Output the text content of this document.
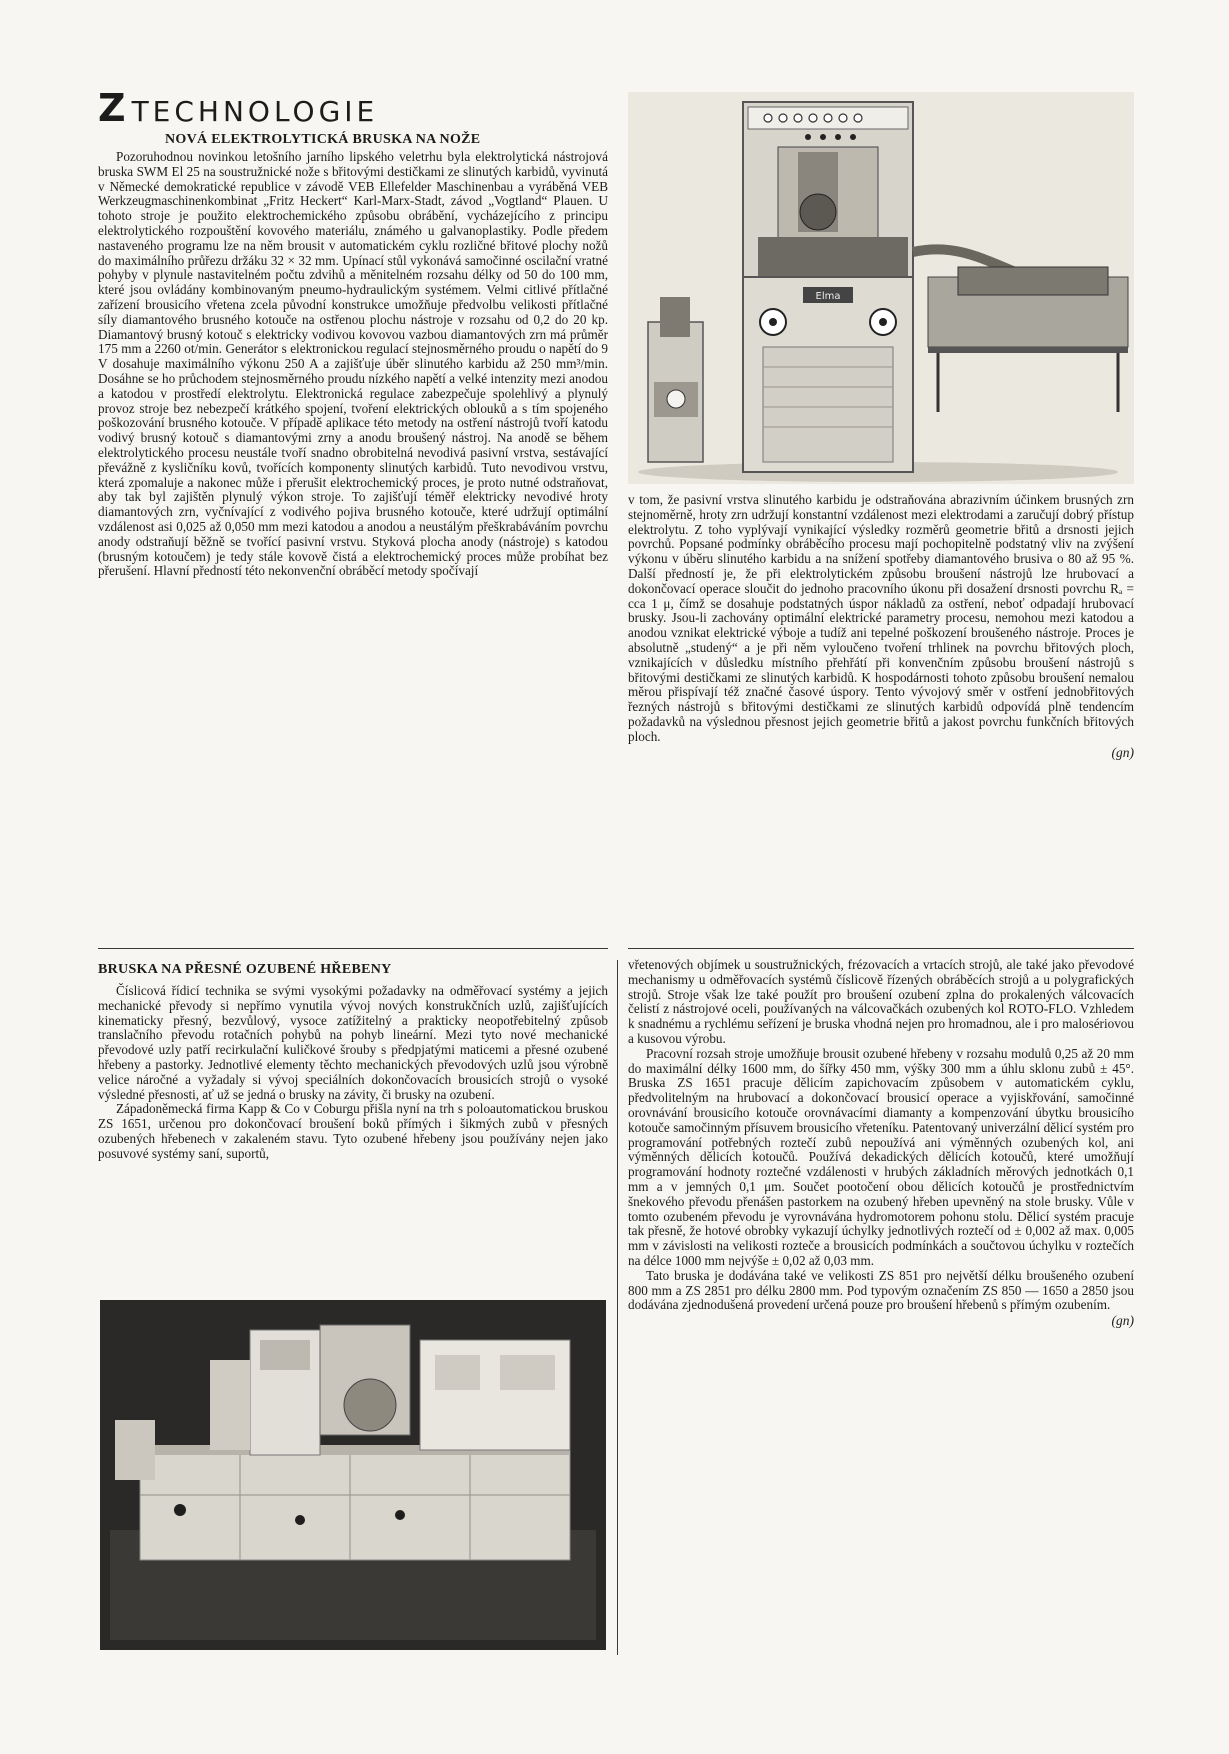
Z TECHNOLOGIE
NOVÁ ELEKTROLYTICKÁ BRUSKA NA NOŽE

Pozoruhodnou novinkou letošního jarního lipského veletrhu byla elektrolytická nástrojová bruska SWM El 25 na soustružnické nože s břitovými destičkami ze slinutých karbidů, vyvinutá v Německé demokratické republice v závodě VEB Ellefelder Maschinenbau a vyráběná VEB Werkzeugmaschinenkombinat „Fritz Heckert“ Karl-Marx-Stadt, závod „Vogtland“ Plauen. U tohoto stroje je použito elektrochemického způsobu obrábění, vycházejícího z principu elektrolytického rozpouštění kovového materiálu, známého u galvanoplastiky. Podle předem nastaveného programu lze na něm brousit v automatickém cyklu rozličné břitové plochy nožů do maximálního průřezu držáku 32 × 32 mm. Upínací stůl vykonává samočinné oscilační vratné pohyby v plynule nastavitelném počtu zdvihů a měnitelném rozsahu délky od 50 do 100 mm, které jsou ovládány kombinovaným pneumo-hydraulickým systémem. Velmi citlivé přítlačné zařízení brousicího vřetena zcela původní konstrukce umožňuje předvolbu velikosti přítlačné síly diamantového brusného kotouče na ostřenou plochu nástroje v rozsahu od 0,2 do 20 kp. Diamantový brusný kotouč s elektricky vodivou kovovou vazbou diamantových zrn má průměr 175 mm a 2260 ot/min. Generátor s elektronickou regulací stejnosměrného proudu o napětí do 9 V dosahuje maximálního výkonu 250 A a zajišťuje úběr slinutého karbidu až 250 mm³/min. Dosáhne se ho průchodem stejnosměrného proudu nízkého napětí a velké intenzity mezi anodou a katodou v prostředí elektrolytu. Elektronická regulace zabezpečuje spolehlivý a plynulý provoz stroje bez nebezpečí krátkého spojení, tvoření elektrických oblouků a s tím spojeného poškozování brusného kotouče. V případě aplikace této metody na ostření nástrojů tvoří katodu vodivý brusný kotouč s diamantovými zrny a anodu broušený nástroj. Na anodě se během elektrolytického procesu neustále tvoří snadno obrobitelná nevodivá pasivní vrstva, sestávající převážně z kysličníku kovů, tvořících komponenty slinutých karbidů. Tuto nevodivou vrstvu, která zpomaluje a nakonec může i přerušit elektrochemický proces, je proto nutné odstraňovat, aby tak byl zajištěn plynulý výkon stroje. To zajišťují téměř elektricky nevodivé hroty diamantových zrn, vyčnívající z vodivého pojiva brusného kotouče, které udržují optimální vzdálenost asi 0,025 až 0,050 mm mezi katodou a anodou a neustálým přeškrabáváním povrchu anody odstraňují běžně se tvořící pasivní vrstvu. Styková plocha anody (nástroje) s katodou (brusným kotoučem) je tedy stále kovově čistá a elektrochemický proces může probíhat bez přerušení. Hlavní předností této nekonvenční obráběcí metody spočívají

Elma

v tom, že pasivní vrstva slinutého karbidu je odstraňována abrazivním účinkem brusných zrn stejnoměrně, hroty zrn udržují konstantní vzdálenost mezi elektrodami a zaručují dobrý přístup elektrolytu. Z toho vyplývají vynikající výsledky rozměrů geometrie břitů a drsnosti jejich povrchů. Popsané podmínky obráběcího procesu mají pochopitelně podstatný vliv na zvýšení výkonu v úběru slinutého karbidu a na snížení spotřeby diamantového brusiva o 80 až 95 %. Další předností je, že při elektrolytickém způsobu broušení nástrojů lze hrubovací a dokončovací operace sloučit do jednoho pracovního úkonu při dosažení drsnosti povrchu Rₐ = cca 1 μ, čímž se dosahuje podstatných úspor nákladů za ostření, neboť odpadají hrubovací brusky. Jsou-li zachovány optimální elektrické parametry procesu, nemohou mezi katodou a anodou vznikat elektrické výboje a tudíž ani tepelné poškození broušeného nástroje. Proces je absolutně „studený“ a je při něm vyloučeno tvoření trhlinek na povrchu břitových ploch, vznikajících v důsledku místního přehřátí při konvenčním způsobu broušení nástrojů s břitovými destičkami ze slinutých karbidů. K hospodárnosti tohoto způsobu broušení nemalou měrou přispívají též značné časové úspory. Tento vývojový směr v ostření jednobřitových řezných nástrojů s břitovými destičkami ze slinutých karbidů odpovídá plně tendencím požadavků na výslednou přesnost jejich geometrie břitů a jakost povrchu funkčních břitových ploch.

(gn)
BRUSKA NA PŘESNÉ OZUBENÉ HŘEBENY

Číslicová řídicí technika se svými vysokými požadavky na odměřovací systémy a jejich mechanické převody si nepřímo vynutila vývoj nových konstrukčních uzlů, zajišťujících kinematicky přesný, bezvůlový, vysoce zatížitelný a prakticky neopotřebitelný způsob translačního převodu rotačních pohybů na pohyb lineární. Mezi tyto nové mechanické převodové uzly patří recirkulační kuličkové šrouby s předpjatými maticemi a přesné ozubené hřebeny a pastorky. Jednotlivé elementy těchto mechanických převodových uzlů jsou výrobně velice náročné a vyžadaly si vývoj speciálních dokončovacích brousicích strojů o vysoké výsledné přesnosti, ať už se jedná o brusky na závity, či brusky na ozubení.

Západoněmecká firma Kapp & Co v Coburgu přišla nyní na trh s poloautomatickou bruskou ZS 1651, určenou pro dokončovací broušení boků přímých i šikmých zubů v přesných ozubených hřebenech v zakaleném stavu. Tyto ozubené hřebeny jsou používány nejen jako posuvové systémy saní, suportů,

vřetenových objímek u soustružnických, frézovacích a vrtacích strojů, ale také jako převodové mechanismy u odměřovacích systémů číslicově řízených obráběcích strojů a u polygrafických strojů. Stroje však lze také použít pro broušení ozubení zplna do prokalených válcovacích čelistí z nástrojové oceli, používaných na válcovačkách ozubených kol ROTO-FLO. Vzhledem k snadnému a rychlému seřízení je bruska vhodná nejen pro hromadnou, ale i pro malosériovou a kusovou výrobu.

Pracovní rozsah stroje umožňuje brousit ozubené hřebeny v rozsahu modulů 0,25 až 20 mm do maximální délky 1600 mm, do šířky 450 mm, výšky 300 mm a úhlu sklonu zubů ± 45°. Bruska ZS 1651 pracuje dělicím zapichovacím způsobem v automatickém cyklu, předvolitelným na hrubovací a dokončovací brousicí operace a vyjiskřování, samočinné orovnávání brousicího kotouče orovnávacími diamanty a kompenzování úbytku brousicího kotouče samočinným přísuvem brousicího vřeteníku. Patentovaný univerzální dělicí systém pro programování potřebných roztečí zubů nepoužívá ani výměnných ozubených kol, ani výměnných dělicích kotoučů. Používá dekadických dělicích kotoučů, které umožňují programování hodnoty roztečné vzdálenosti v hrubých základních měrových jednotkách 0,1 mm a v jemných 0,1 μm. Součet pootočení obou dělicích kotoučů je prostřednictvím šnekového převodu přenášen pastorkem na ozubený hřeben upevněný na stole brusky. Vůle v tomto ozubeném převodu je vyrovnávána hydromotorem pohonu stolu. Dělicí systém pracuje tak přesně, že hotové obrobky vykazují úchylky jednotlivých roztečí od ± 0,002 až max. 0,005 mm v závislosti na velikosti rozteče a brousicích podmínkách a součtovou úchylku v roztečích na délce 1000 mm nejvýše ± 0,02 až 0,03 mm.

Tato bruska je dodávána také ve velikosti ZS 851 pro největší délku broušeného ozubení 800 mm a ZS 2851 pro délku 2800 mm. Pod typovým označením ZS 850 — 1650 a 2850 jsou dodávána zjednodušená provedení určená pouze pro broušení hřebenů s přímým ozubením.

(gn)
